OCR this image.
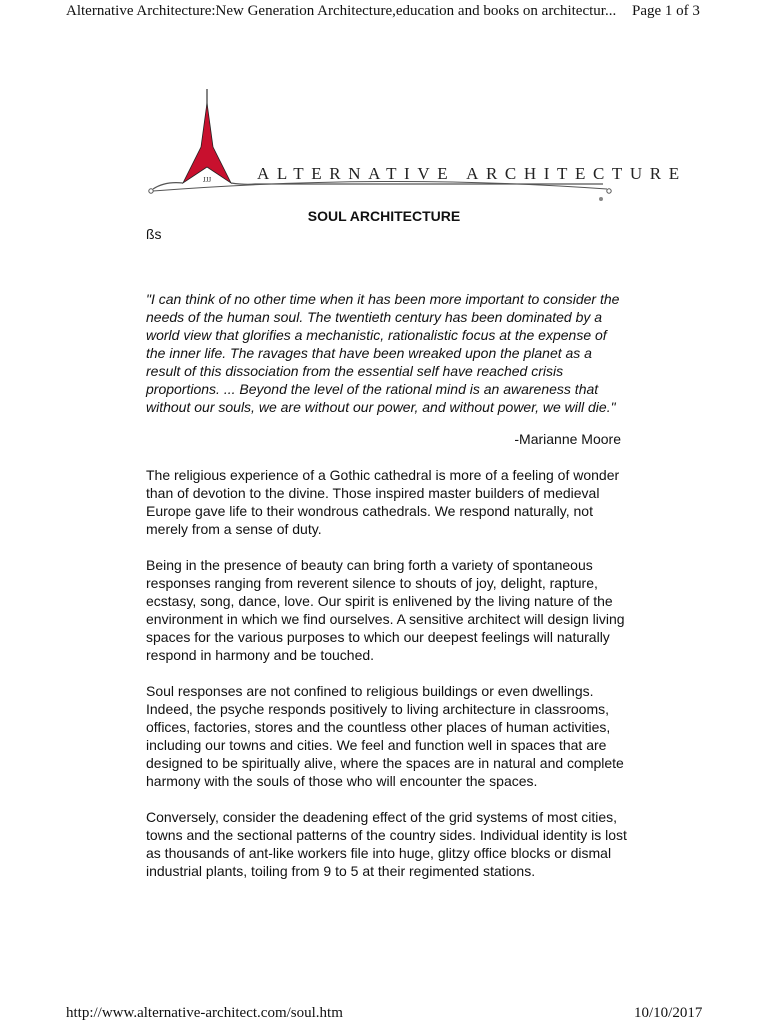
Alternative Architecture:New Generation Architecture,education and books on architectur... Page 1 of 3
JJJ	ALTERNATIVE ARCHITECTURE
SOUL ARCHITECTURE
ßs

"I can think of no other time when it has been more important to consider the needs of the human soul. The twentieth century has been dominated by a world view that glorifies a mechanistic, rationalistic focus at the expense of the inner life. The ravages that have been wreaked upon the planet as a result of this dissociation from the essential self have reached crisis proportions. ... Beyond the level of the rational mind is an awareness that without our souls, we are without our power, and without power, we will die."

-Marianne Moore

The religious experience of a Gothic cathedral is more of a feeling of wonder than of devotion to the divine. Those inspired master builders of medieval Europe gave life to their wondrous cathedrals. We respond naturally, not merely from a sense of duty.

Being in the presence of beauty can bring forth a variety of spontaneous responses ranging from reverent silence to shouts of joy, delight, rapture, ecstasy, song, dance, love. Our spirit is enlivened by the living nature of the environment in which we find ourselves. A sensitive architect will design living spaces for the various purposes to which our deepest feelings will naturally respond in harmony and be touched.

Soul responses are not confined to religious buildings or even dwellings. Indeed, the psyche responds positively to living architecture in classrooms, offices, factories, stores and the countless other places of human activities, including our towns and cities. We feel and function well in spaces that are designed to be spiritually alive, where the spaces are in natural and complete harmony with the souls of those who will encounter the spaces.

Conversely, consider the deadening effect of the grid systems of most cities, towns and the sectional patterns of the country sides. Individual identity is lost as thousands of ant-like workers file into huge, glitzy office blocks or dismal industrial plants, toiling from 9 to 5 at their regimented stations.

http://www.alternative-architect.com/soul.htm	10/10/2017
